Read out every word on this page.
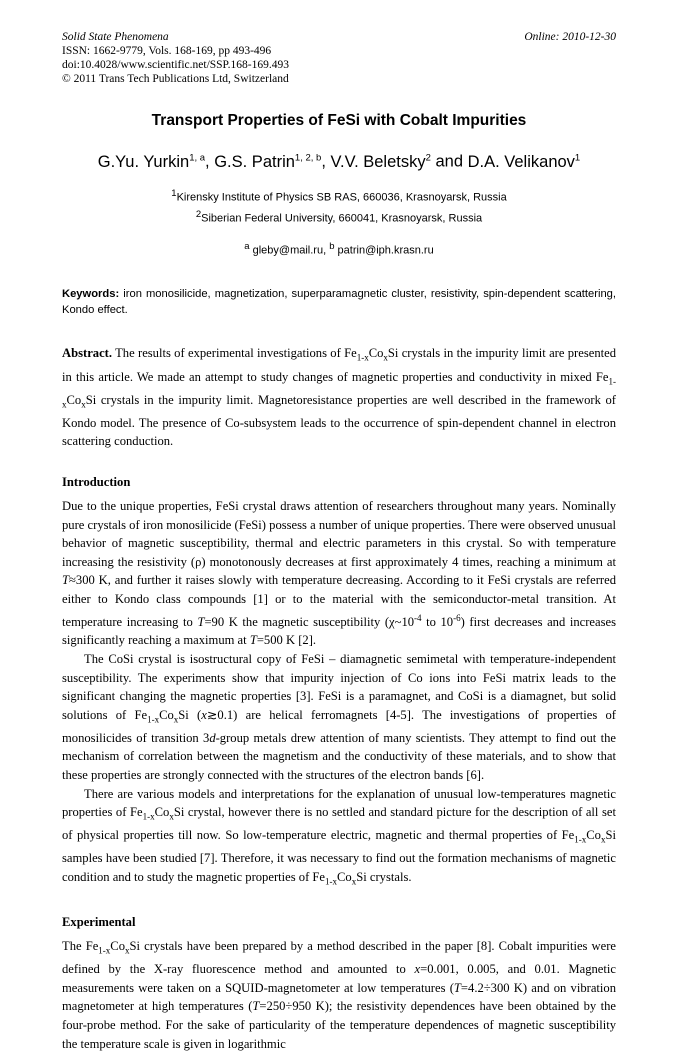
Solid State Phenomena
ISSN: 1662-9779, Vols. 168-169, pp 493-496
doi:10.4028/www.scientific.net/SSP.168-169.493
© 2011 Trans Tech Publications Ltd, Switzerland
Online: 2010-12-30
Transport Properties of FeSi with Cobalt Impurities
G.Yu. Yurkin$^{1, a}$, G.S. Patrin$^{1, 2, b}$, V.V. Beletsky$^2$ and D.A. Velikanov$^1$
$^1$Kirensky Institute of Physics SB RAS, 660036, Krasnoyarsk, Russia
$^2$Siberian Federal University, 660041, Krasnoyarsk, Russia
$^a$ gleby@mail.ru, $^b$ patrin@iph.krasn.ru
Keywords: iron monosilicide, magnetization, superparamagnetic cluster, resistivity, spin-dependent scattering, Kondo effect.
Abstract. The results of experimental investigations of $Fe_{1-x}Co_xSi$ crystals in the impurity limit are presented in this article. We made an attempt to study changes of magnetic properties and conductivity in mixed $Fe_{1-x}Co_xSi$ crystals in the impurity limit. Magnetoresistance properties are well described in the framework of Kondo model. The presence of Co-subsystem leads to the occurrence of spin-dependent channel in electron scattering conduction.
Introduction
Due to the unique properties, FeSi crystal draws attention of researchers throughout many years. Nominally pure crystals of iron monosilicide (FeSi) possess a number of unique properties. There were observed unusual behavior of magnetic susceptibility, thermal and electric parameters in this crystal. So with temperature increasing the resistivity (ρ) monotonously decreases at first approximately 4 times, reaching a minimum at T≈300 K, and further it raises slowly with temperature decreasing. According to it FeSi crystals are referred either to Kondo class compounds [1] or to the material with the semiconductor-metal transition. At temperature increasing to T=90 K the magnetic susceptibility ($\chi\sim 10^{-4}$ to $10^{-6}$) first decreases and increases significantly reaching a maximum at T=500 K [2].
The CoSi crystal is isostructural copy of FeSi – diamagnetic semimetal with temperature-independent susceptibility. The experiments show that impurity injection of Co ions into FeSi matrix leads to the significant changing the magnetic properties [3]. FeSi is a paramagnet, and CoSi is a diamagnet, but solid solutions of $Fe_{1-х}Co_хSi$ (x≳0.1) are helical ferromagnets [4-5]. The investigations of properties of monosilicides of transition 3d-group metals drew attention of many scientists. They attempt to find out the mechanism of correlation between the magnetism and the conductivity of these materials, and to show that these properties are strongly connected with the structures of the electron bands [6].
There are various models and interpretations for the explanation of unusual low-temperatures magnetic properties of $Fe_{1-x}Co_xSi$ crystal, however there is no settled and standard picture for the description of all set of physical properties till now. So low-temperature electric, magnetic and thermal properties of $Fe_{1-x}Co_xSi$ samples have been studied [7]. Therefore, it was necessary to find out the formation mechanisms of magnetic condition and to study the magnetic properties of $Fe_{1-x}Co_xSi$ crystals.
Experimental
The $Fe_{1-x}Co_xSi$ crystals have been prepared by a method described in the paper [8]. Cobalt impurities were defined by the X-ray fluorescence method and amounted to x=0.001, 0.005, and 0.01. Magnetic measurements were taken on a SQUID-magnetometer at low temperatures (T=4.2÷300 K) and on vibration magnetometer at high temperatures (T=250÷950 K); the resistivity dependences have been obtained by the four-probe method. For the sake of particularity of the temperature dependences of magnetic susceptibility the temperature scale is given in logarithmic
